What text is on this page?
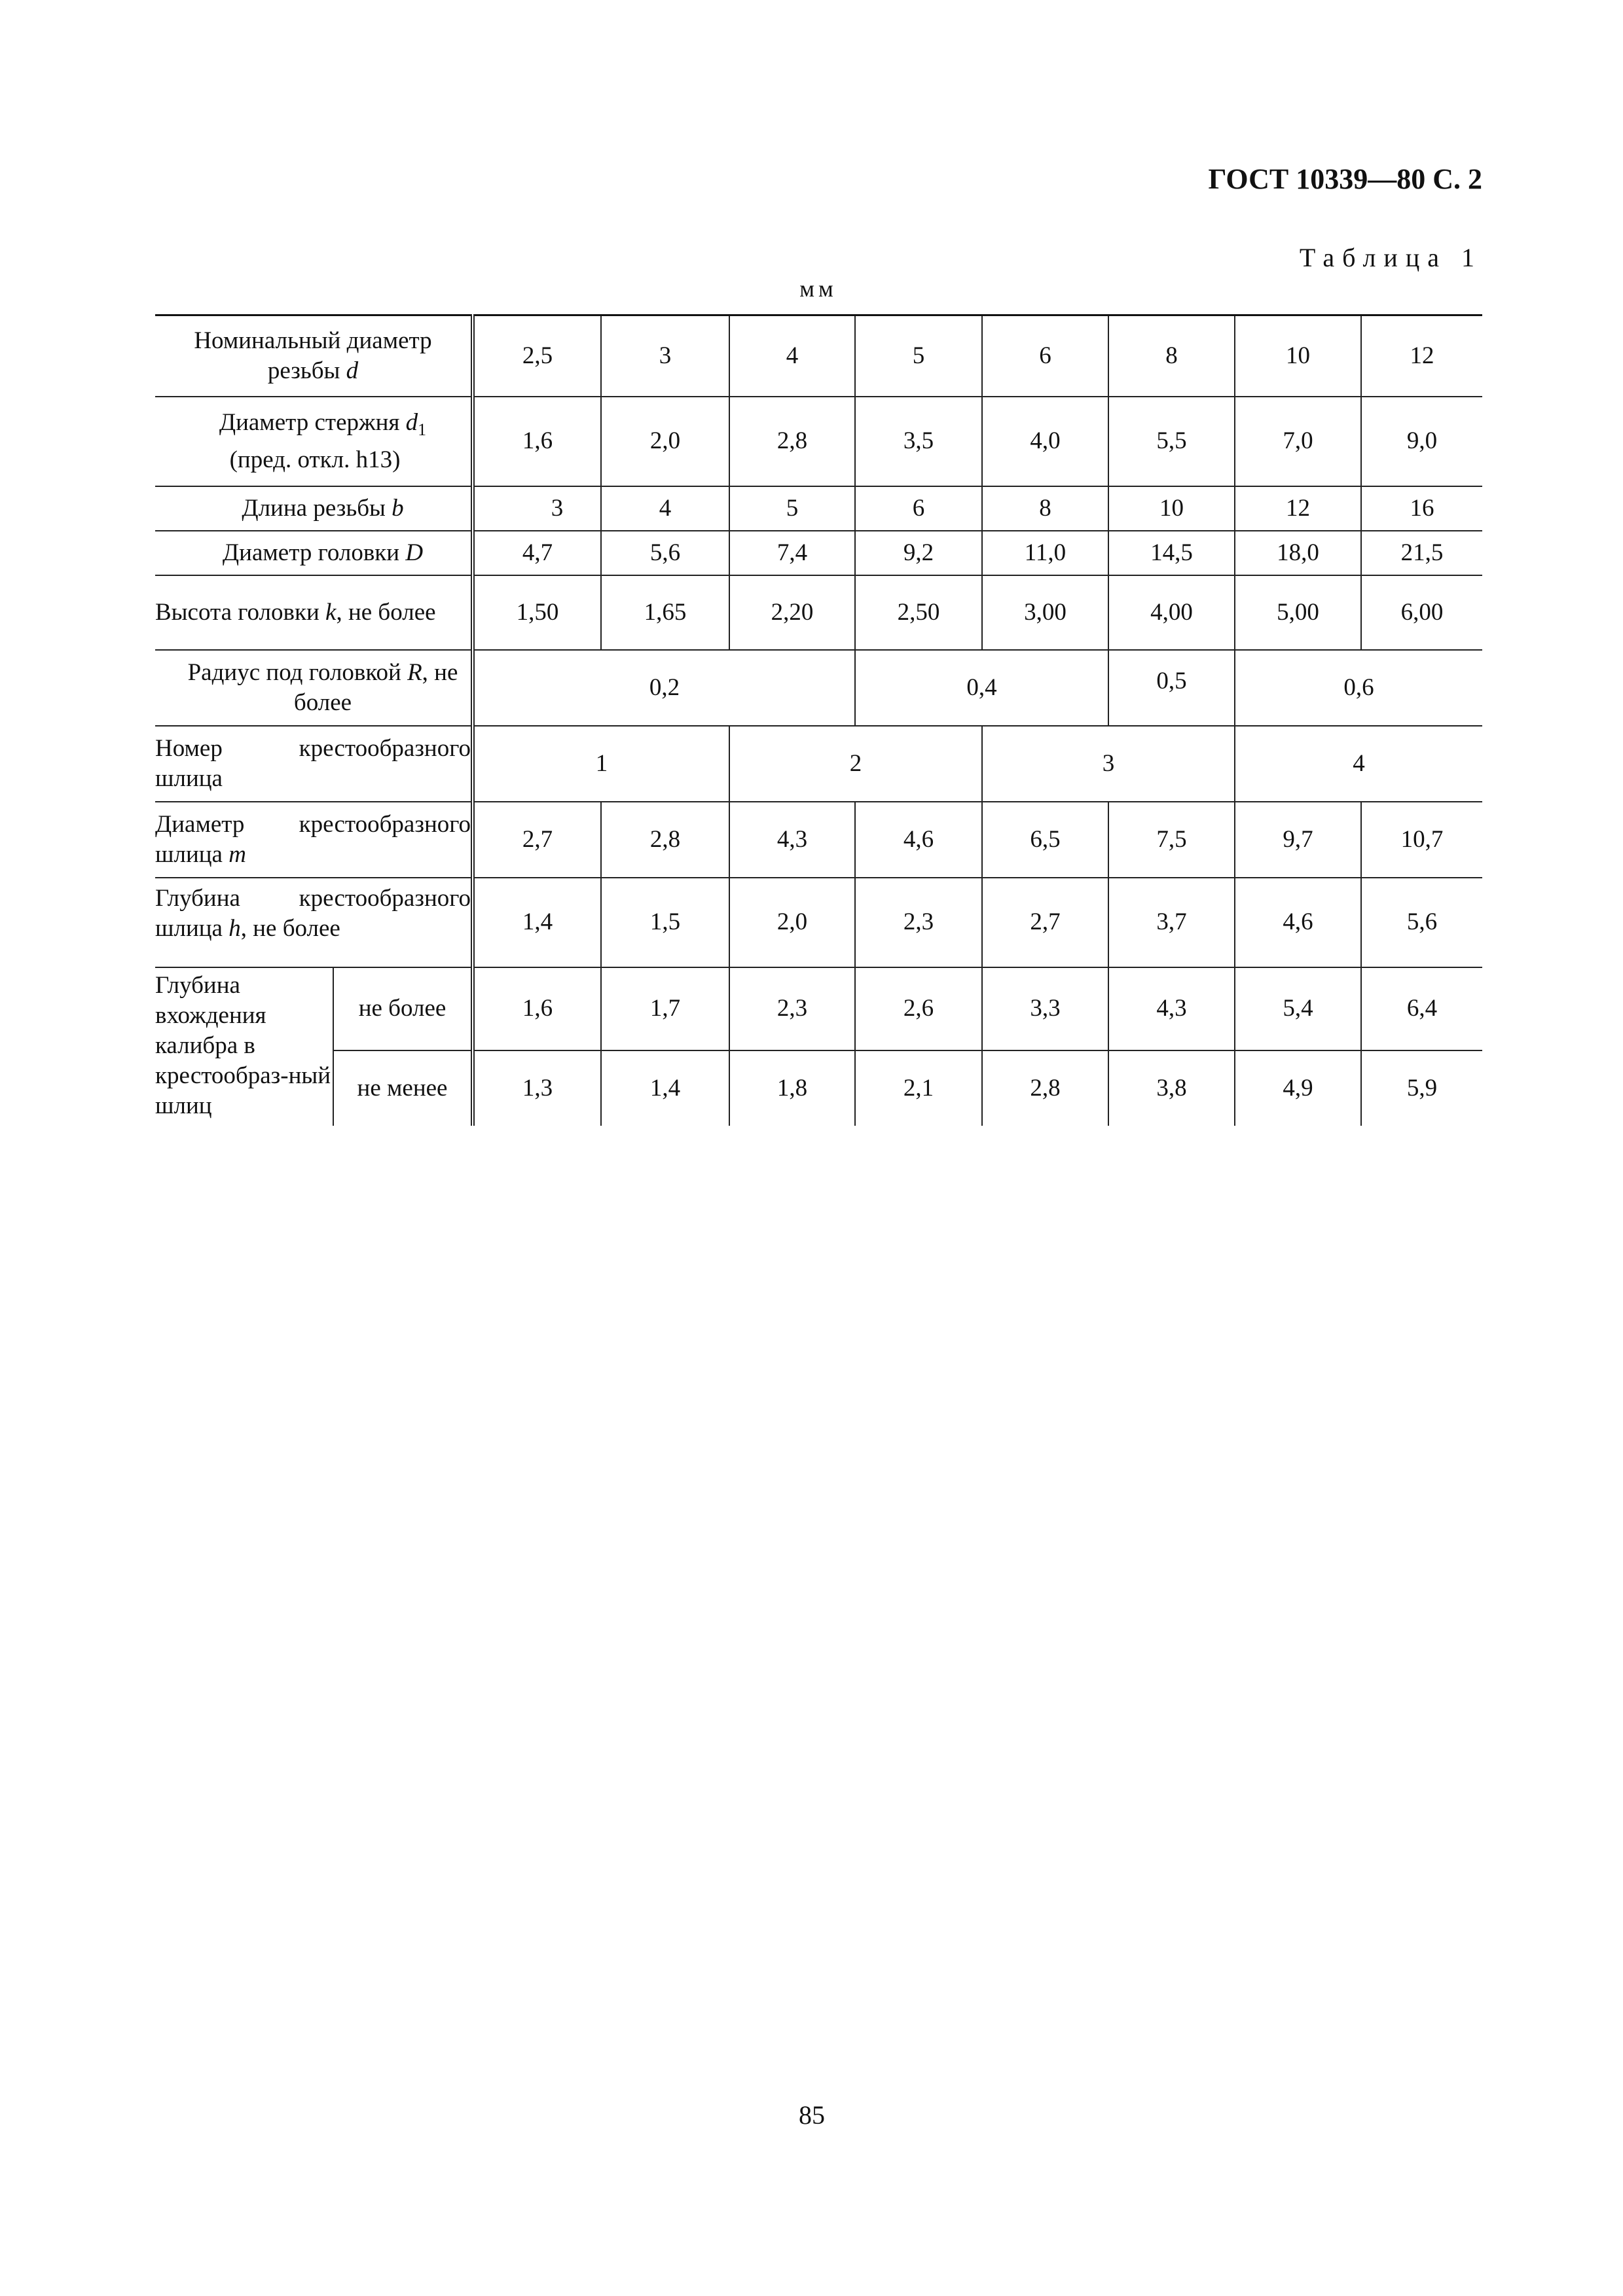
ГОСТ 10339—80 С. 2
Таблица 1
мм
Номинальный диаметр
резьбы d		2,5	3	4	5	6	8	10	12
Диаметр стержня $d_1$
(пред. откл. h13)		1,6	2,0	2,8	3,5	4,0	5,5	7,0	9,0
Длина резьбы b		3	4	5	6	8	10	12	16
Диаметр головки D		4,7	5,6	7,4	9,2	11,0	14,5	18,0	21,5
Высота головки k, не более		1,50	1,65	2,20	2,50	3,00	4,00	5,00	6,00
Радиус под головкой R, не более		0,2			0,4		0,5	0,6	
Номер крестообразного шлица		1		2		3		4	
Диаметр крестообразного шлица m		2,7	2,8	4,3	4,6	6,5	7,5	9,7	10,7
Глубина крестообразного шлица h, не более		1,4	1,5	2,0	2,3	2,7	3,7	4,6	5,6
Глубина вхождения калибра в крестообраз-ный шлиц	не более	1,6	1,7	2,3	2,6	3,3	4,3	5,4	6,4
	не менее	1,3	1,4	1,8	2,1	2,8	3,8	4,9	5,9
85
